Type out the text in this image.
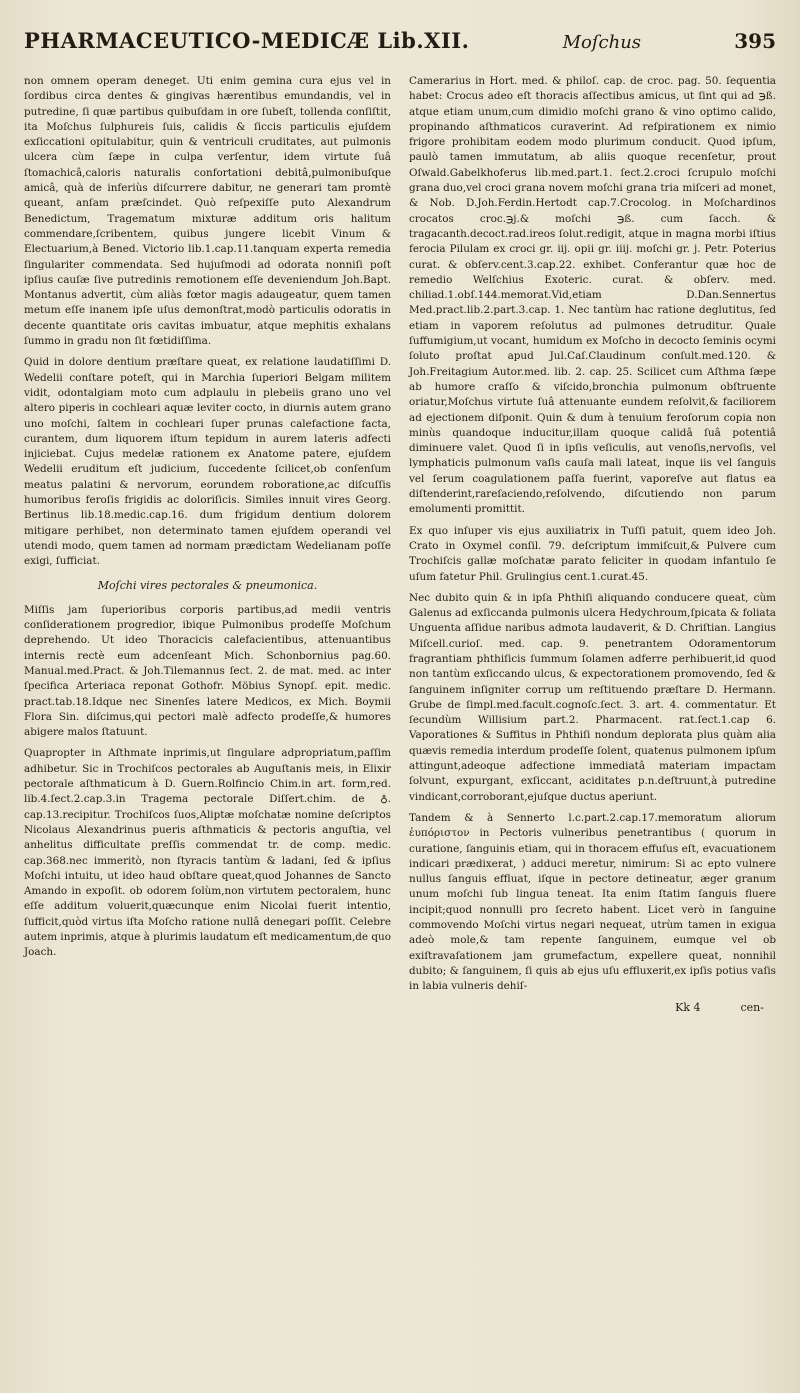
PHARMACEUTICO-MEDICÆ Lib.XII.	Moſchus	395

non omnem operam deneget. Uti enim gemina cura ejus vel in ſordibus circa dentes & gingivas hærentibus emundandis, vel in putredine, ſi quæ partibus quibuſdam in ore ſubeſt, tollenda conſiſtit, ita Moſchus ſulphureis ſuis, calidis & ſiccis particulis ejuſdem exſiccationi opitulabitur, quin & ventriculi cruditates, aut pulmonis ulcera cùm ſæpe in culpa verſentur, idem virtute ſuâ ſtomachicâ,caloris naturalis confortationi debitâ,pulmonibuſque amicâ, quà de inferiùs diſcurrere dabitur, ne generari tam promtè queant, anſam præſcindet. Quò reſpexiſſe puto Alexandrum Benedictum, Tragematum mixturæ additum oris halitum commendare,ſcribentem, quibus jungere licebit Vinum & Electuarium,à Bened. Victorio lib.1.cap.11.tanquam experta remedia ſingulariter commendata. Sed hujuſmodi ad odorata nonniſi poſt ipſius cauſæ ſive putredinis remotionem eſſe deveniendum Joh.Bapt. Montanus advertit, cùm aliàs fœtor magis adaugeatur, quem tamen metum eſſe inanem ipſe uſus demonſtrat,modò particulis odoratis in decente quantitate oris cavitas imbuatur, atque mephitis exhalans ſummo in gradu non ſit fœtidiſſima.

Quid in dolore dentium præſtare queat, ex relatione laudatiſſimi D. Wedelii conſtare poteſt, qui in Marchia ſuperiori Belgam militem vidit, odontalgiam moto cum adplaulu in plebeiis grano uno vel altero piperis in cochleari aquæ leviter cocto, in diurnis autem grano uno moſchi, ſaltem in cochleari ſuper prunas calefactione facta, curantem, dum liquorem iſtum tepidum in aurem lateris adfecti injiciebat. Cujus medelæ rationem ex Anatome patere, ejuſdem Wedelii eruditum eſt judicium, ſuccedente ſcilicet,ob conſenſum meatus palatini & nervorum, eorundem roboratione,ac diſcuſſis humoribus feroſis frigidis ac doloriſicis. Similes innuit vires Georg. Bertinus lib.18.medic.cap.16. dum frigidum dentium dolorem mitigare perhibet, non determinato tamen ejuſdem operandi vel utendi modo, quem tamen ad normam prædictam Wedelianam poſſe exigi, ſufficiat.

Moſchi vires pectorales & pneumonica.

Miſſis jam ſuperioribus corporis partibus,ad medii ventris conſiderationem progredior, ibique Pulmonibus prodeſſe Moſchum deprehendo. Ut ideo Thoracicis calefacientibus, attenuantibus internis rectè eum adcenſeant Mich. Schonbornius pag.60. Manual.med.Pract. & Joh.Tilemannus ſect. 2. de mat. med. ac inter ſpecifica Arteriaca reponat Gothofr. Möbius Synopſ. epit. medic. pract.tab.18.Idque nec Sinenſes latere Medicos, ex Mich. Boymii Flora Sin. diſcimus,qui pectori malè adfecto prodeſſe,& humores abigere malos ſtatuunt.

Quapropter in Aſthmate inprimis,ut ſingulare adpropriatum,paſſim adhibetur. Sic in Trochiſcos pectorales ab Auguſtanis meis, in Elixir pectorale aſthmaticum à D. Guern.Rolfincio Chim.in art. form,red. lib.4.ſect.2.cap.3.in Tragema pectorale Diſſert.chim. de ♁. cap.13.recipitur. Trochiſcos ſuos,Aliptæ moſchatæ nomine deſcriptos Nicolaus Alexandrinus pueris aſthmaticis & pectoris anguſtia, vel anhelitus difficultate preſſis commendat tr. de comp. medic. cap.368.nec immeritò, non ſtyracis tantùm & ladani, ſed & ipſius Moſchi intuitu, ut ideo haud obſtare queat,quod Johannes de Sancto Amando in expoſit. ob odorem ſolùm,non virtutem pectoralem, hunc eſſe additum voluerit,quæcunque enim Nicolai fuerit intentio, ſufficit,quòd virtus iſta Moſcho ratione nullâ denegari poſſit. Celebre autem inprimis, atque à plurimis laudatum eſt medicamentum,de quo Joach.

Camerarius in Hort. med. & philoſ. cap. de croc. pag. 50. ſequentia habet: Crocus adeo eſt thoracis aſſectibus amicus, ut ſint qui ad ℈ß. atque etiam unum,cum dimidio moſchi grano & vino optimo calido, propinando aſthmaticos curaverint. Ad reſpirationem ex nimio frigore prohibitam eodem modo plurimum conducit. Quod ipſum, paulò tamen immutatum, ab aliis quoque recenſetur, prout Oſwald.Gabelkhoferus lib.med.part.1. ſect.2.croci ſcrupulo moſchi grana duo,vel croci grana novem moſchi grana tria miſceri ad monet, & Nob. D.Joh.Ferdin.Hertodt cap.7.Crocolog. in Moſchardinos crocatos croc.℈j.& moſchi ℈ß. cum ſacch. & tragacanth.decoct.rad.ireos ſolut.redigit, atque in magna morbi iſtius ferocia Pilulam ex croci gr. iij. opii gr. iiij. moſchi gr. j. Petr. Poterius curat. & obſerv.cent.3.cap.22. exhibet. Conferantur quæ hoc de remedio Welſchius Exoteric. curat. & obſerv. med. chiliad.1.obſ.144.memorat.Vid,etiam D.Dan.Sennertus Med.pract.lib.2.part.3.cap. 1. Nec tantùm hac ratione deglutitus, ſed etiam in vaporem reſolutus ad pulmones detruditur. Quale ſuffumigium,ut vocant, humidum ex Moſcho in decocto ſeminis ocymi ſoluto proſtat apud Jul.Caſ.Claudinum conſult.med.120. & Joh.Freitagium Autor.med. lib. 2. cap. 25. Scilicet cum Aſthma ſæpe ab humore craſſo & viſcido,bronchia pulmonum obſtruente oriatur,Moſchus virtute ſuâ attenuante eundem reſolvit,& faciliorem ad ejectionem diſponit. Quin & dum à tenuium feroſorum copia non minùs quandoque inducitur,illam quoque calidâ ſuâ potentiâ diminuere valet. Quod ſi in ipſis veſiculis, aut venoſis,nervoſis, vel lymphaticis pulmonum vaſis cauſa mali lateat, inque iis vel ſanguis vel ſerum coagulationem paſſa fuerint, vaporeſve aut flatus ea diſtenderint,rareſaciendo,reſolvendo, diſcutiendo non parum emolumenti promittit.

Ex quo inſuper vis ejus auxiliatrix in Tuſſi patuit, quem ideo Joh. Crato in Oxymel conſil. 79. deſcriptum immiſcuit,& Pulvere cum Trochiſcis gallæ moſchatæ parato feliciter in quodam infantulo ſe uſum fatetur Phil. Grulingius cent.1.curat.45.

Nec dubito quin & in ipſa Phthiſi aliquando conducere queat, cùm Galenus ad exſiccanda pulmonis ulcera Hedychroum,ſpicata & foliata Unguenta aſſidue naribus admota laudaverit, & D. Chriſtian. Langius Miſcell.curioſ. med. cap. 9. penetrantem Odoramentorum fragrantiam phthiſicis ſummum ſolamen adferre perhibuerit,id quod non tantùm exſiccando ulcus, & expectorationem promovendo, ſed & ſanguinem inſigniter corrup um reſtituendo præſtare D. Hermann. Grube de ſimpl.med.facult.cognoſc.ſect. 3. art. 4. commentatur. Et ſecundùm Willisium part.2. Pharmacent. rat.ſect.1.cap 6. Vaporationes & Suffitus in Phthiſi nondum deplorata plus quàm alia quævis remedia interdum prodeſſe ſolent, quatenus pulmonem ipſum attingunt,adeoque adfectione immediatâ materiam impactam ſolvunt, expurgant, exſiccant, aciditates p.n.deſtruunt,à putredine vindicant,corroborant,ejuſque ductus aperiunt.

Tandem & à Sennerto l.c.part.2.cap.17.memoratum aliorum ἐυπόριστον in Pectoris vulneribus penetrantibus ( quorum in curatione, ſanguinis etiam, qui in thoracem effuſus eſt, evacuationem indicari prædixerat, ) adduci meretur, nimirum: Si ac epto vulnere nullus ſanguis effluat, iſque in pectore detineatur, æger granum unum moſchi ſub lingua teneat. Ita enim ſtatim ſanguis fluere incipit;quod nonnulli pro ſecreto habent. Licet verò in ſanguine commovendo Moſchi virtus negari nequeat, utrùm tamen in exigua adeò mole,& tam repente ſanguinem, eumque vel ob exiſtravaſationem jam grumefactum, expellere queat, nonnihil dubito; & ſanguinem, ſi quis ab ejus uſu effluxerit,ex ipſis potius vaſis in labia vulneris dehiſ-

Kk 4	cen-
